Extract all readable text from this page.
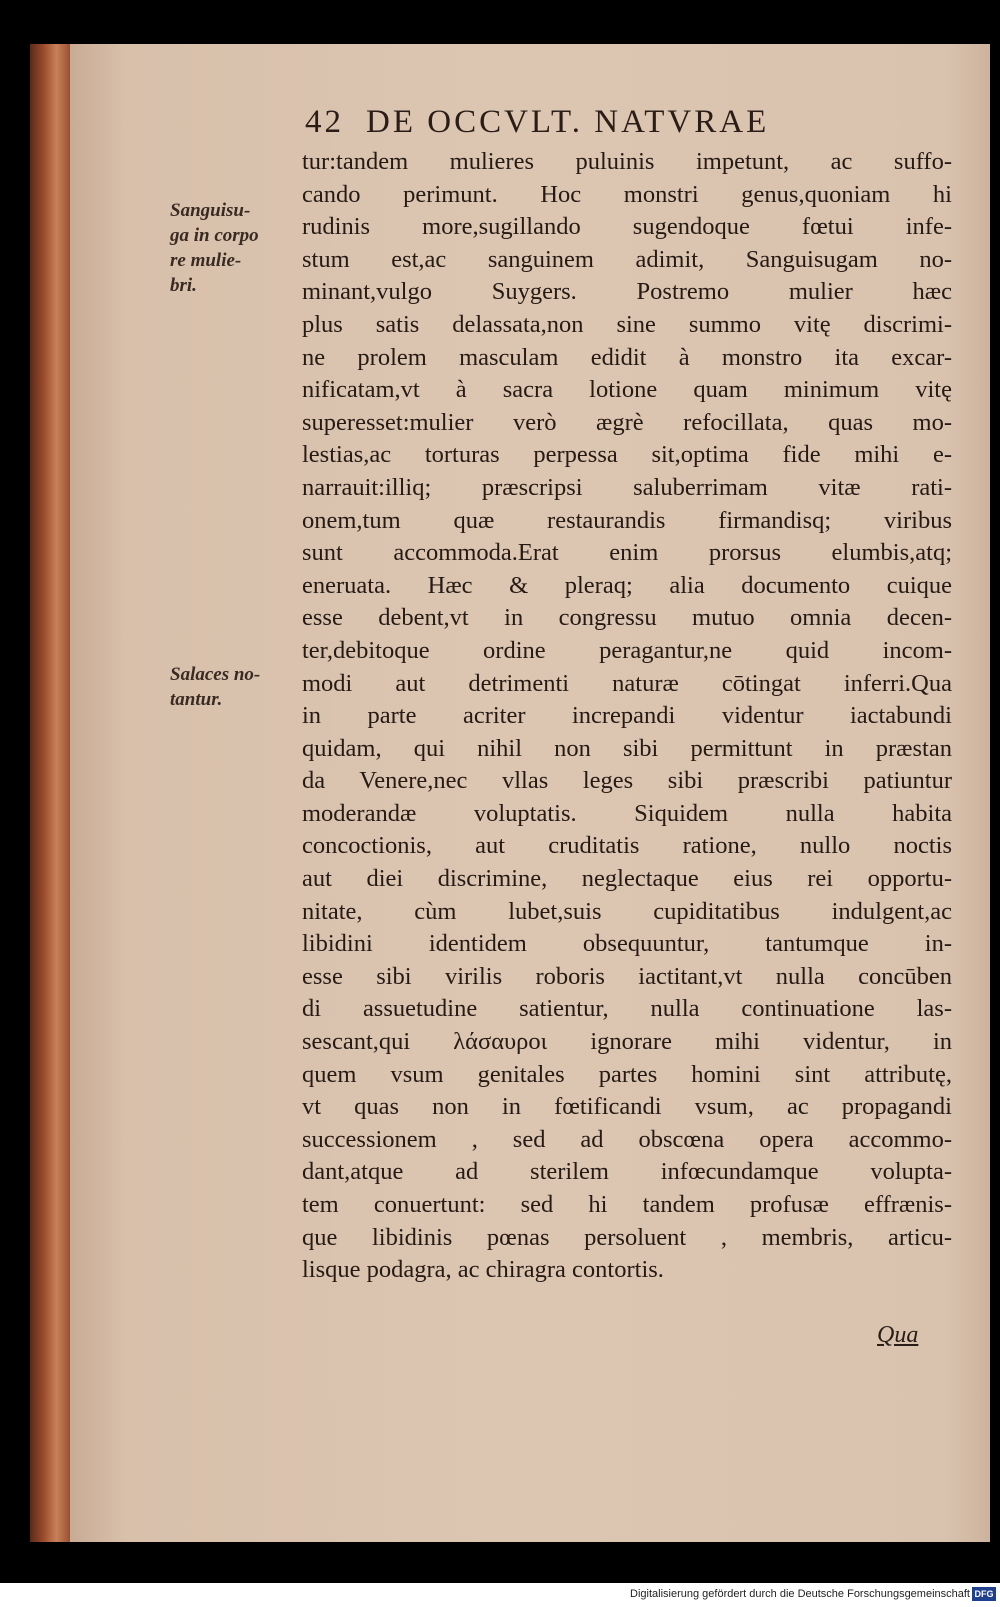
42 DE OCCVLT. NATVRAE
Sanguisu-
ga in corpo
re mulie-
bri.
Salaces no-
tantur.
tur:tandem mulieres puluinis impetunt, ac suffo-
cando perimunt. Hoc monstri genus,quoniam hi
rudinis more,sugillando sugendoque fœtui infe-
stum est,ac sanguinem adimit, Sanguisugam no-
minant,vulgo Suygers. Postremo mulier hæc
plus satis delassata,non sine summo vitę discrimi-
ne prolem masculam edidit à monstro ita excar-
nificatam,vt à sacra lotione quam minimum vitę
superesset:mulier verò ægrè refocillata, quas mo-
lestias,ac torturas perpessa sit,optima fide mihi e-
narrauit:illiq; præscripsi saluberrimam vitæ rati-
onem,tum quæ restaurandis firmandisq; viribus
sunt accommoda.Erat enim prorsus elumbis,atq;
eneruata. Hæc & pleraq; alia documento cuique
esse debent,vt in congressu mutuo omnia decen-
ter,debitoque ordine peragantur,ne quid incom-
modi aut detrimenti naturæ cōtingat inferri.Qua
in parte acriter increpandi videntur iactabundi
quidam, qui nihil non sibi permittunt in præstan
da Venere,nec vllas leges sibi præscribi patiuntur
moderandæ voluptatis. Siquidem nulla habita
concoctionis, aut cruditatis ratione, nullo noctis
aut diei discrimine, neglectaque eius rei opportu-
nitate, cùm lubet,suis cupiditatibus indulgent,ac
libidini identidem obsequuntur, tantumque in-
esse sibi virilis roboris iactitant,vt nulla concūben
di assuetudine satientur, nulla continuatione las-
sescant,qui λάσαυροι ignorare mihi videntur, in
quem vsum genitales partes homini sint attributę,
vt quas non in fœtificandi vsum, ac propagandi
successionem , sed ad obscœna opera accommo-
dant,atque ad sterilem infœcundamque volupta-
tem conuertunt: sed hi tandem profusæ effrænis-
que libidinis pœnas persoluent , membris, articu-
lisque podagra, ac chiragra contortis.
Qua
Digitalisierung gefördert durch die Deutsche Forschungsgemeinschaft DFG
